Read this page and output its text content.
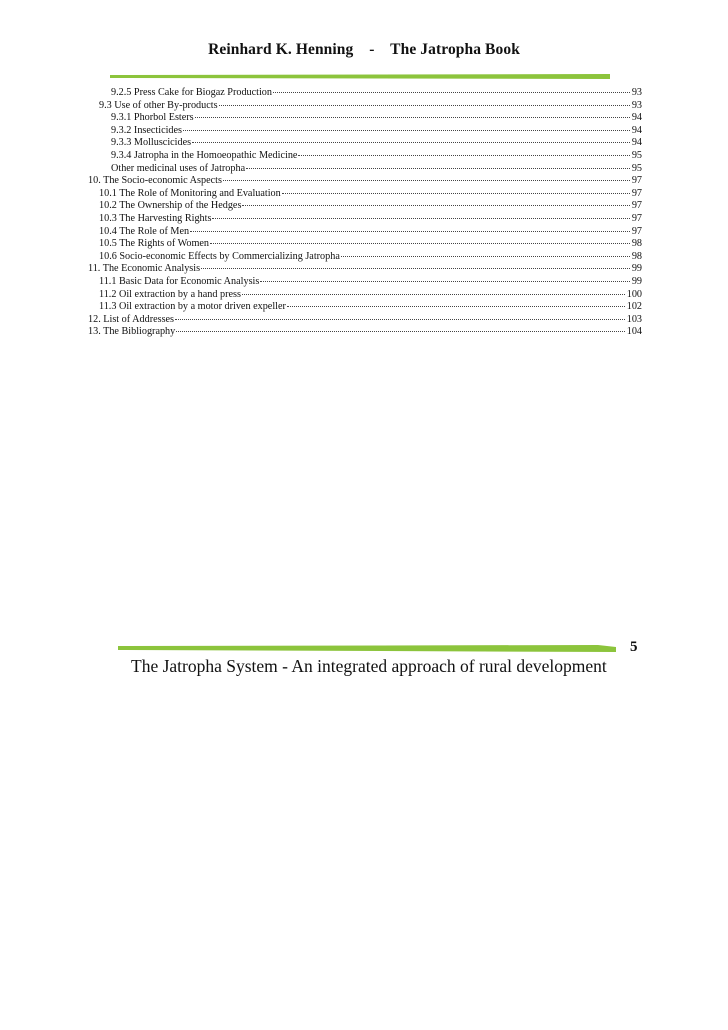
Reinhard K. Henning - The Jatropha Book
9.2.5 Press Cake for Biogaz Production	93
9.3 Use of other By-products	93
9.3.1 Phorbol Esters	94
9.3.2 Insecticides	94
9.3.3 Molluscicides	94
9.3.4 Jatropha in the Homoeopathic Medicine	95
Other medicinal uses of Jatropha	95
10. The Socio-economic Aspects	97
10.1 The Role of Monitoring and Evaluation	97
10.2 The Ownership of the Hedges	97
10.3 The Harvesting Rights	97
10.4 The Role of Men	97
10.5 The Rights of Women	98
10.6 Socio-economic Effects by Commercializing Jatropha	98
11. The Economic Analysis	99
11.1 Basic Data for Economic Analysis	99
11.2 Oil extraction by a hand press	100
11.3 Oil extraction by a motor driven expeller	102
12. List of Addresses	103
13. The Bibliography	104
5
The Jatropha System - An integrated approach of rural development
